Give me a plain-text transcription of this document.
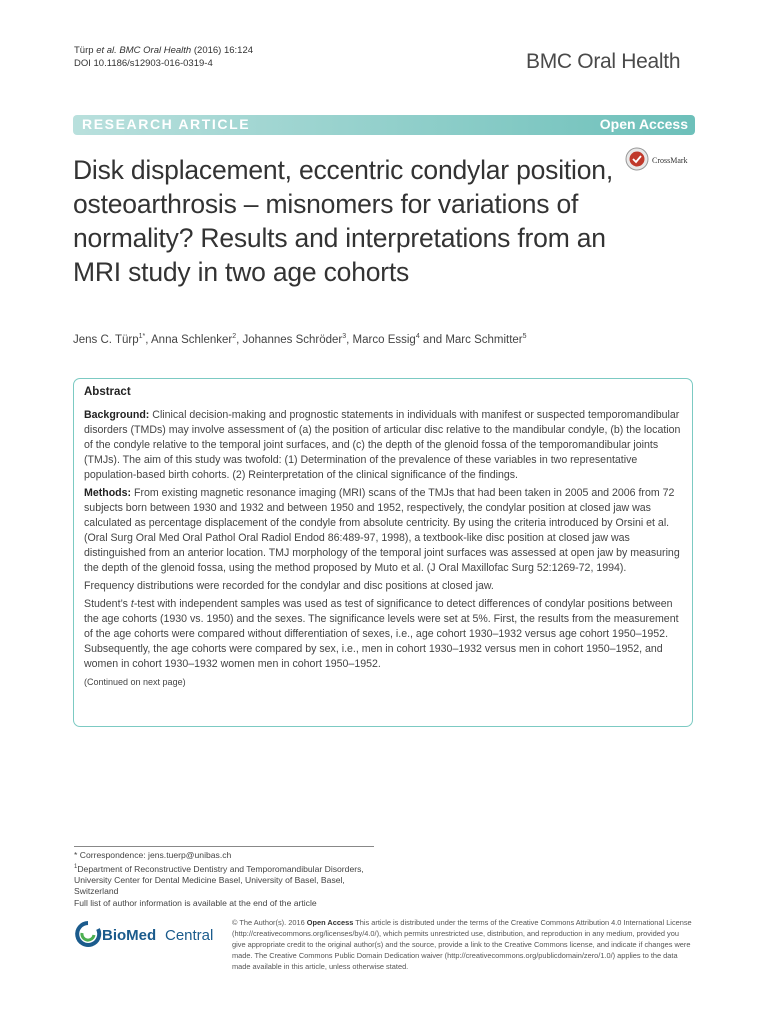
Türp et al. BMC Oral Health (2016) 16:124
DOI 10.1186/s12903-016-0319-4	BMC Oral Health
RESEARCH ARTICLE	Open Access
CrossMark
Disk displacement, eccentric condylar position, osteoarthrosis – misnomers for variations of normality? Results and interpretations from an MRI study in two age cohorts
Jens C. Türp$^{1*}$, Anna Schlenker$^2$, Johannes Schröder$^3$, Marco Essig$^4$ and Marc Schmitter$^5$
Abstract

Background: Clinical decision-making and prognostic statements in individuals with manifest or suspected temporomandibular disorders (TMDs) may involve assessment of (a) the position of articular disc relative to the mandibular condyle, (b) the location of the condyle relative to the temporal joint surfaces, and (c) the depth of the glenoid fossa of the temporomandibular joints (TMJs). The aim of this study was twofold: (1) Determination of the prevalence of these variables in two representative population-based birth cohorts. (2) Reinterpretation of the clinical significance of the findings.

Methods: From existing magnetic resonance imaging (MRI) scans of the TMJs that had been taken in 2005 and 2006 from 72 subjects born between 1930 and 1932 and between 1950 and 1952, respectively, the condylar position at closed jaw was calculated as percentage displacement of the condyle from absolute centricity. By using the criteria introduced by Orsini et al. (Oral Surg Oral Med Oral Pathol Oral Radiol Endod 86:489-97, 1998), a textbook-like disc position at closed jaw was distinguished from an anterior location. TMJ morphology of the temporal joint surfaces was assessed at open jaw by measuring the depth of the glenoid fossa, using the method proposed by Muto et al. (J Oral Maxillofac Surg 52:1269-72, 1994).

Frequency distributions were recorded for the condylar and disc positions at closed jaw.

Student’s t-test with independent samples was used as test of significance to detect differences of condylar positions between the age cohorts (1930 vs. 1950) and the sexes. The significance levels were set at 5%. First, the results from the measurement of the age cohorts were compared without differentiation of sexes, i.e., age cohort 1930–1932 versus age cohort 1950–1952. Subsequently, the age cohorts were compared by sex, i.e., men in cohort 1930–1932 versus men in cohort 1950–1952, and women in cohort 1930–1932 women men in cohort 1950–1952.

(Continued on next page)
* Correspondence: jens.tuerp@unibas.ch
$^1$Department of Reconstructive Dentistry and Temporomandibular Disorders, University Center for Dental Medicine Basel, University of Basel, Basel, Switzerland
Full list of author information is available at the end of the article
BioMed Central
© The Author(s). 2016 Open Access This article is distributed under the terms of the Creative Commons Attribution 4.0 International License (http://creativecommons.org/licenses/by/4.0/), which permits unrestricted use, distribution, and reproduction in any medium, provided you give appropriate credit to the original author(s) and the source, provide a link to the Creative Commons license, and indicate if changes were made. The Creative Commons Public Domain Dedication waiver (http://creativecommons.org/publicdomain/zero/1.0/) applies to the data made available in this article, unless otherwise stated.
